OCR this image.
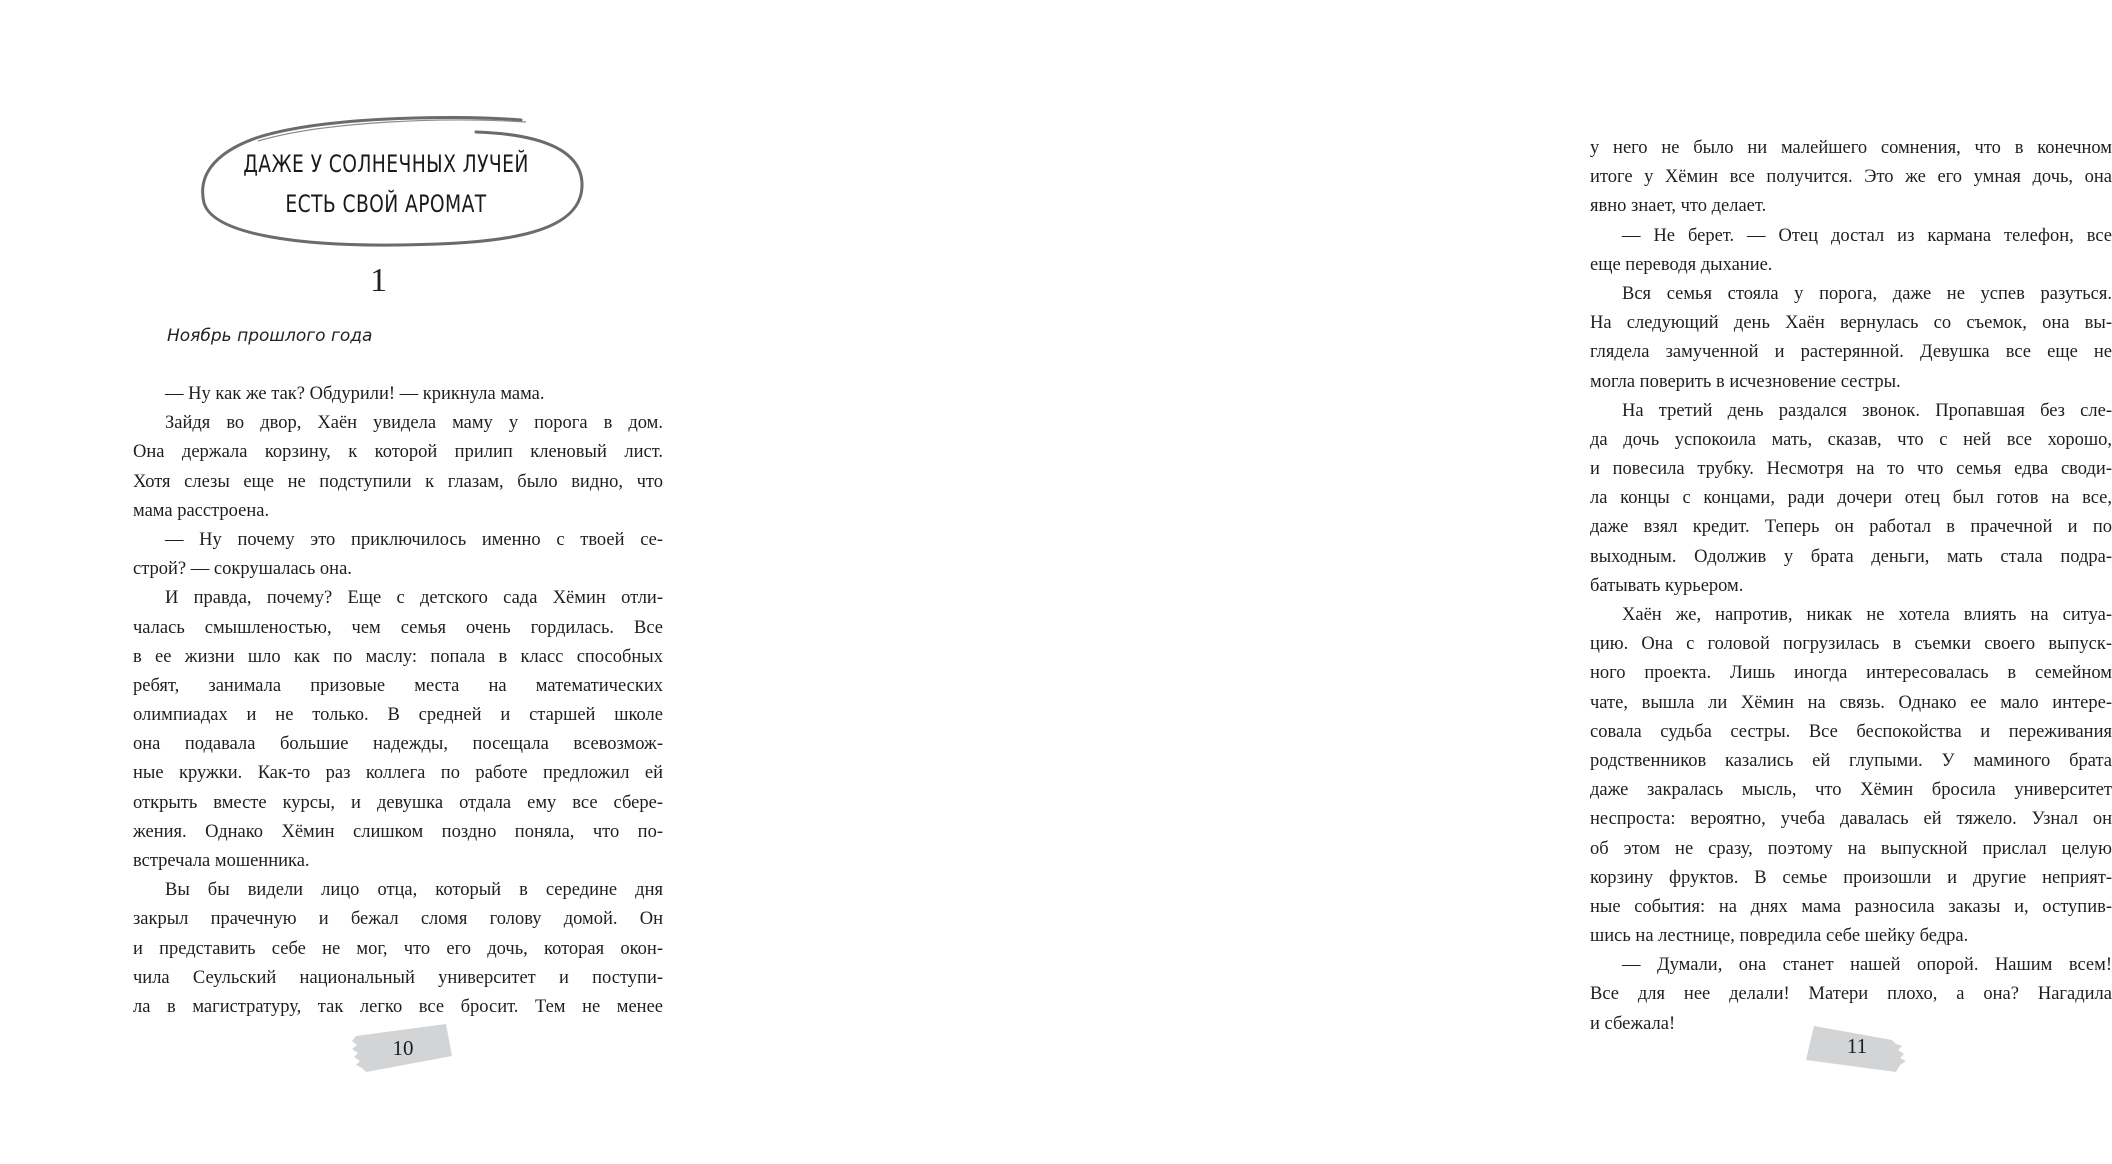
ДАЖЕ У СОЛНЕЧНЫХ ЛУЧЕЙ
ЕСТЬ СВОЙ АРОМАТ
1
Ноябрь прошлого года
— Ну как же так? Обдурили! — крикнула мама.
Зайдя во двор, Хаён увидела маму у порога в дом.
Она держала корзину, к которой прилип кленовый лист.
Хотя слезы еще не подступили к глазам, было видно, что
мама расстроена.
— Ну почему это приключилось именно с твоей се-
строй? — сокрушалась она.
И правда, почему? Еще с детского сада Хёмин отли-
чалась смышленостью, чем семья очень гордилась. Все
в ее жизни шло как по маслу: попала в класс способных
ребят, занимала призовые места на математических
олимпиадах и не только. В средней и старшей школе
она подавала большие надежды, посещала всевозмож-
ные кружки. Как-то раз коллега по работе предложил ей
открыть вместе курсы, и девушка отдала ему все сбере-
жения. Однако Хёмин слишком поздно поняла, что по-
встречала мошенника.
Вы бы видели лицо отца, который в середине дня
закрыл прачечную и бежал сломя голову домой. Он
и представить себе не мог, что его дочь, которая окон-
чила Сеульский национальный университет и поступи-
ла в магистратуру, так легко все бросит. Тем не менее
10
у него не было ни малейшего сомнения, что в конечном
итоге у Хёмин все получится. Это же его умная дочь, она
явно знает, что делает.
— Не берет. — Отец достал из кармана телефон, все
еще переводя дыхание.
Вся семья стояла у порога, даже не успев разуться.
На следующий день Хаён вернулась со съемок, она вы-
глядела замученной и растерянной. Девушка все еще не
могла поверить в исчезновение сестры.
На третий день раздался звонок. Пропавшая без сле-
да дочь успокоила мать, сказав, что с ней все хорошо,
и повесила трубку. Несмотря на то что семья едва своди-
ла концы с концами, ради дочери отец был готов на все,
даже взял кредит. Теперь он работал в прачечной и по
выходным. Одолжив у брата деньги, мать стала подра-
батывать курьером.
Хаён же, напротив, никак не хотела влиять на ситуа-
цию. Она с головой погрузилась в съемки своего выпуск-
ного проекта. Лишь иногда интересовалась в семейном
чате, вышла ли Хёмин на связь. Однако ее мало интере-
совала судьба сестры. Все беспокойства и переживания
родственников казались ей глупыми. У маминого брата
даже закралась мысль, что Хёмин бросила университет
неспроста: вероятно, учеба давалась ей тяжело. Узнал он
об этом не сразу, поэтому на выпускной прислал целую
корзину фруктов. В семье произошли и другие неприят-
ные события: на днях мама разносила заказы и, оступив-
шись на лестнице, повредила себе шейку бедра.
— Думали, она станет нашей опорой. Нашим всем!
Все для нее делали! Матери плохо, а она? Нагадила
и сбежала!
11
